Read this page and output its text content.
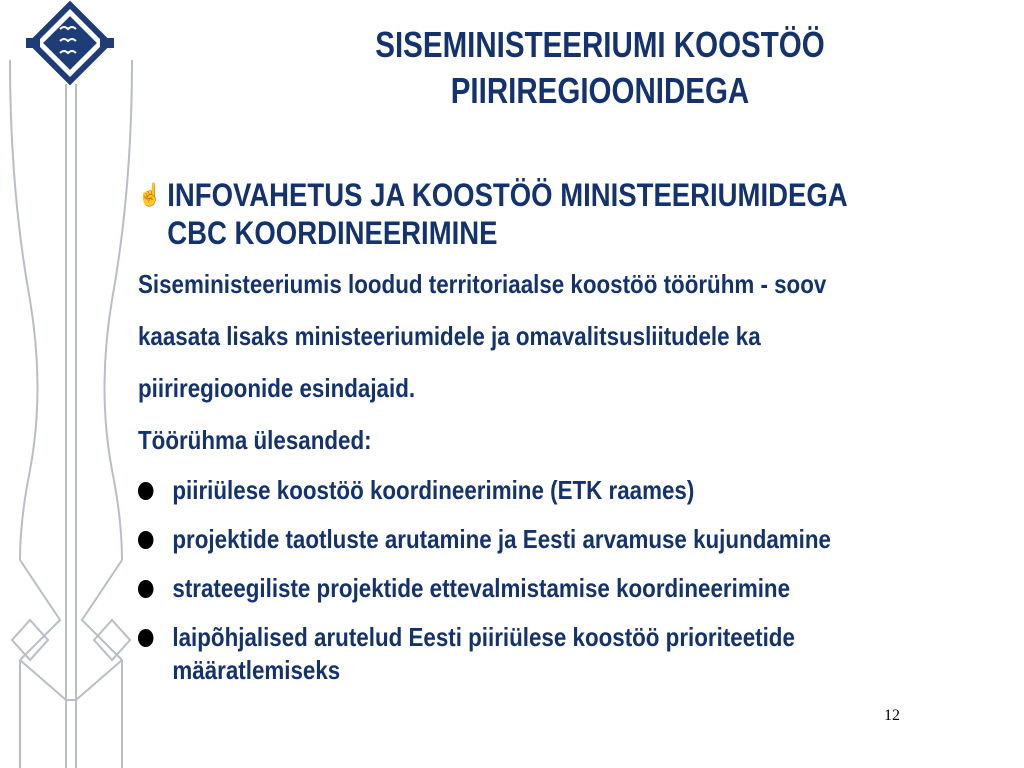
SISEMINISTEERIUMI KOOSTÖÖ
PIIRIREGIOONIDEGA
☝ INFOVAHETUS JA KOOSTÖÖ MINISTEERIUMIDEGA
CBC KOORDINEERIMINE
Siseministeeriumis loodud territoriaalse koostöö töörühm - soov
kaasata lisaks ministeeriumidele ja omavalitsusliitudele ka
piiriregioonide esindajaid.
Töörühma ülesanded:
piiriülese koostöö koordineerimine (ETK raames)
projektide taotluste arutamine ja Eesti arvamuse kujundamine
strateegiliste projektide ettevalmistamise koordineerimine
laipõhjalised arutelud Eesti piiriülese koostöö prioriteetide määratlemiseks
12
